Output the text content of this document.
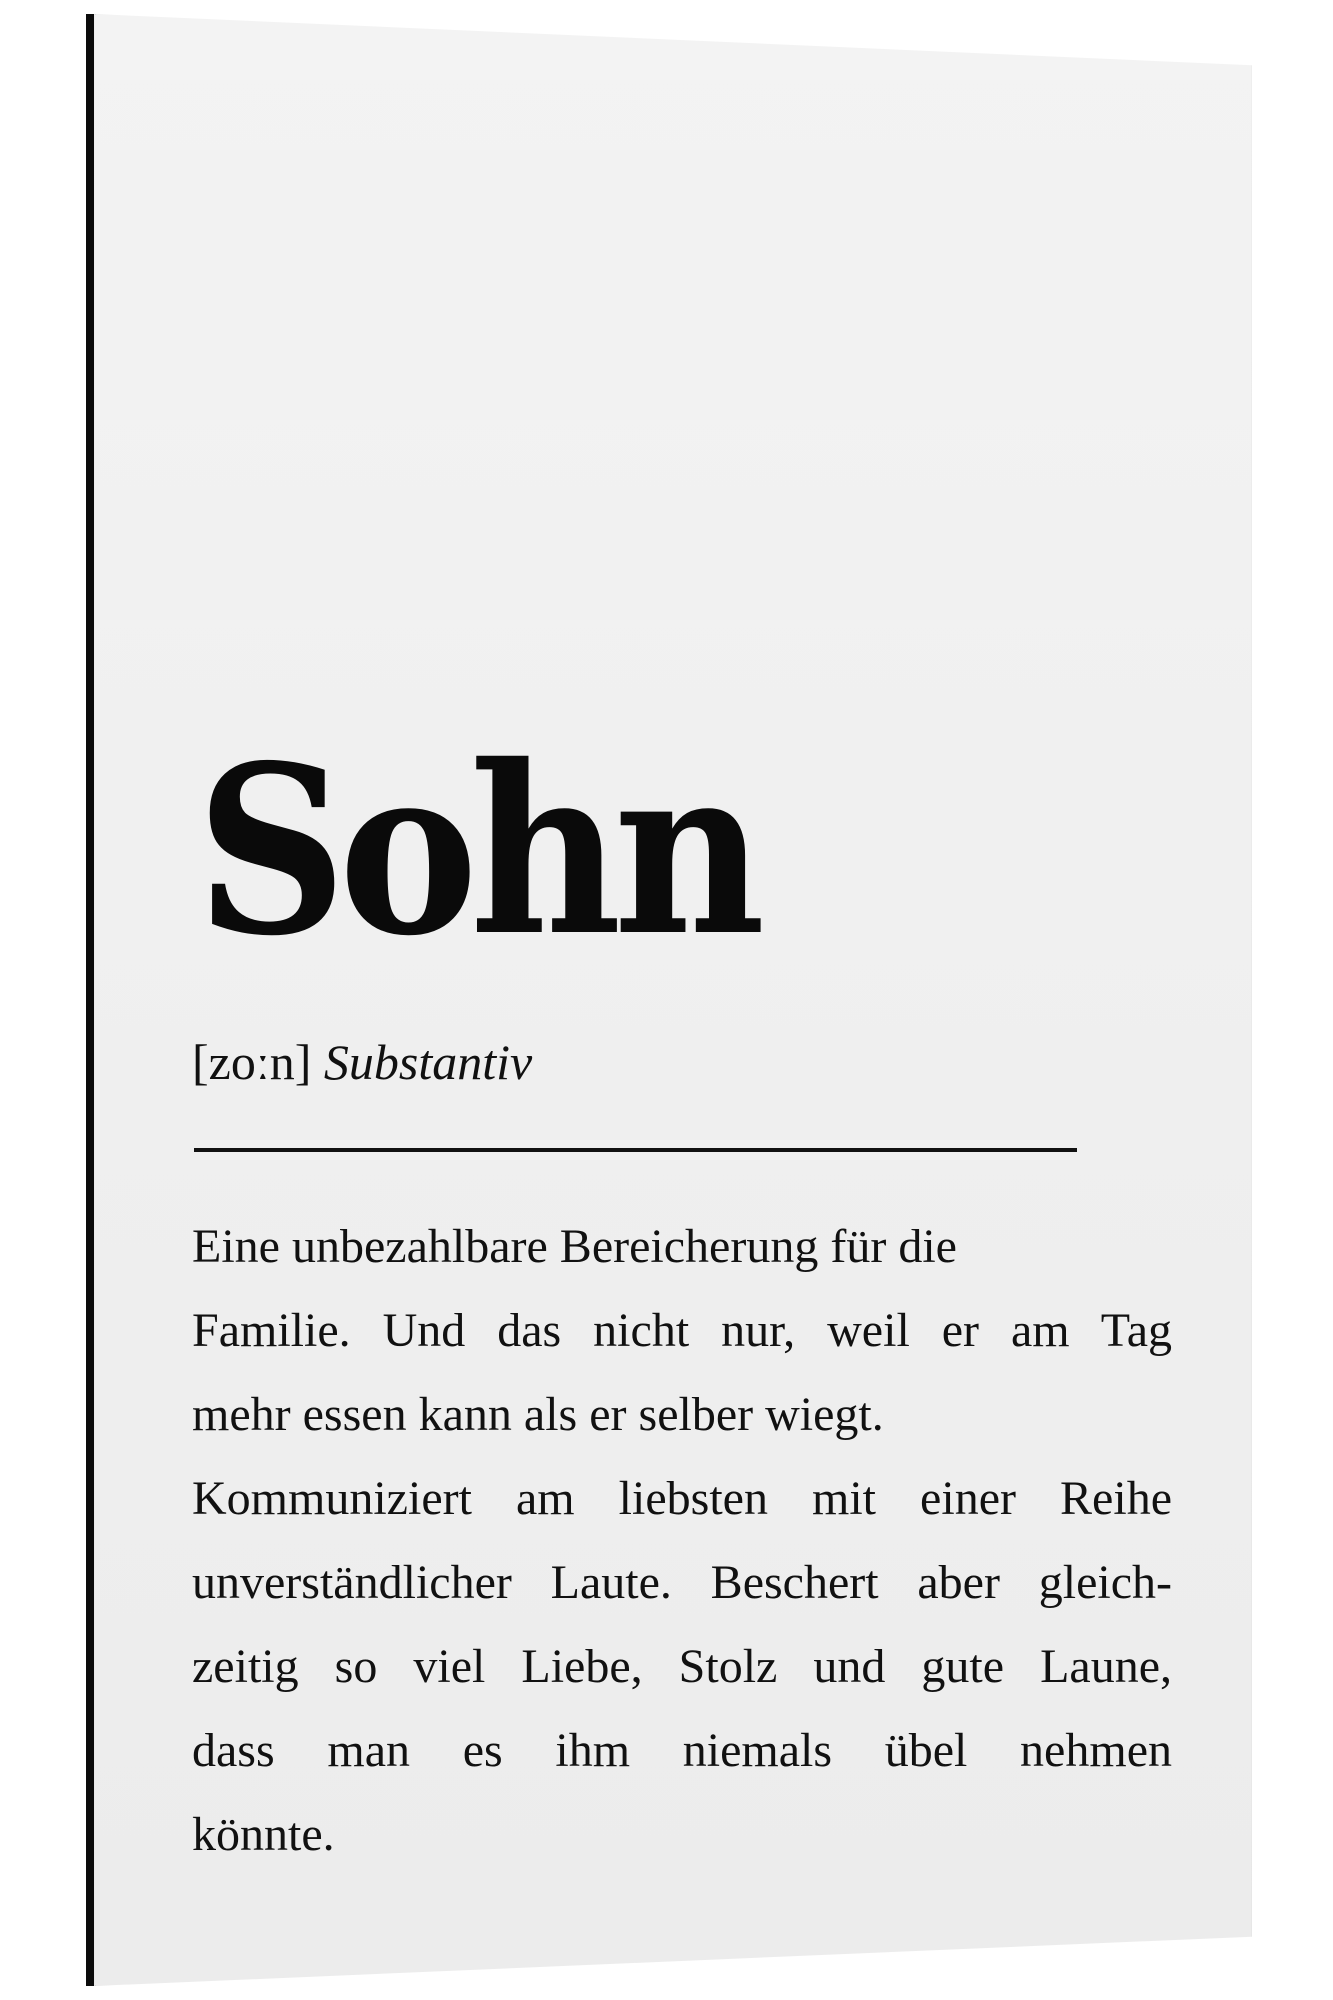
Sohn
[zoːn] Substantiv
Eine unbezahlbare Bereicherung für die
Familie. Und das nicht nur, weil er am Tag
mehr essen kann als er selber wiegt.
Kommuniziert am liebsten mit einer Reihe
unverständlicher Laute. Beschert aber gleich-
zeitig so viel Liebe, Stolz und gute Laune,
dass man es ihm niemals übel nehmen
könnte.
